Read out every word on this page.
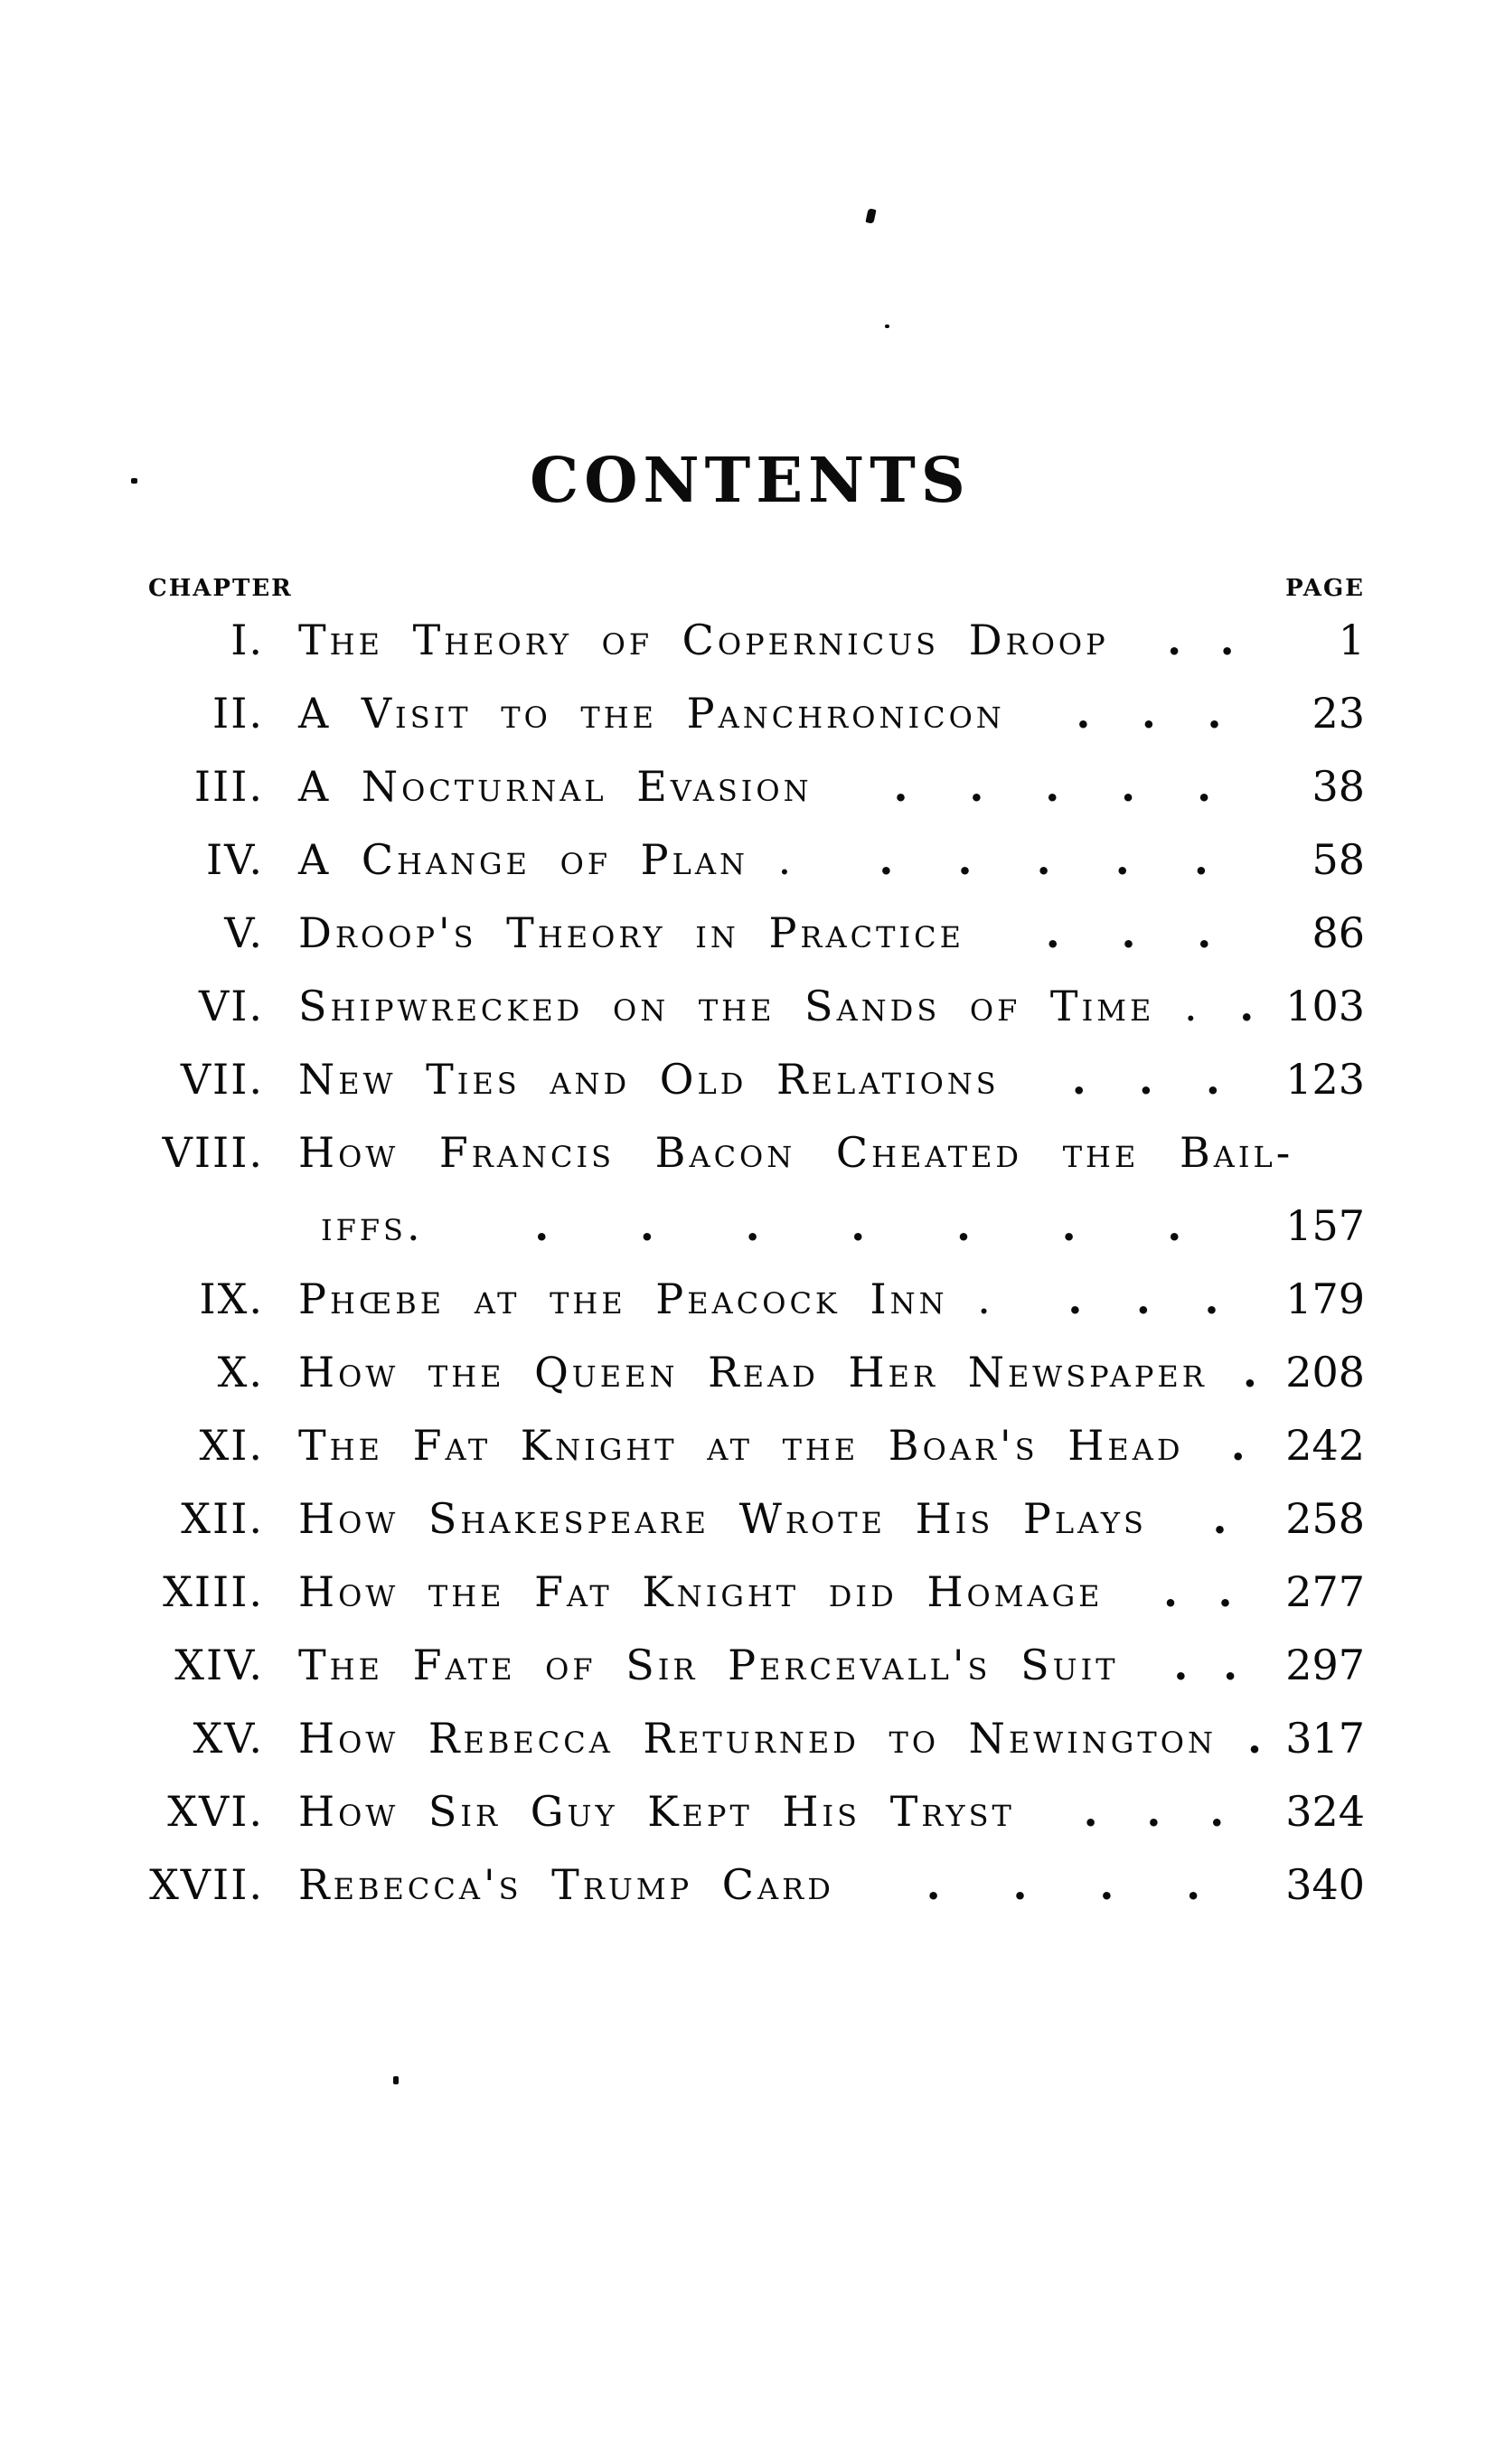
CONTENTS
CHAPTER	PAGE
I. The Theory of Copernicus Droop . .	1
II. A Visit to the Panchronicon . . .	23
III. A Nocturnal Evasion . . . . .	38
IV. A Change of Plan . . . . . .	58
V. Droop's Theory in Practice . . .	86
VI. Shipwrecked on the Sands of Time . . 103
VII. New Ties and Old Relations . . . 123
VIII. How Francis Bacon Cheated the Bail-
iffs.	. . . . . . . 157
IX. Phœbe at the Peacock Inn . . . . 179
X. How the Queen Read Her Newspaper . 208
XI. The Fat Knight at the Boar's Head . 242
XII. How Shakespeare Wrote His Plays . 258
XIII. How the Fat Knight did Homage . . 277
XIV. The Fate of Sir Percevall's Suit . . 297
XV. How Rebecca Returned to Newington . 317
XVI. How Sir Guy Kept His Tryst . . . 324
XVII. Rebecca's Trump Card . . . . 340
